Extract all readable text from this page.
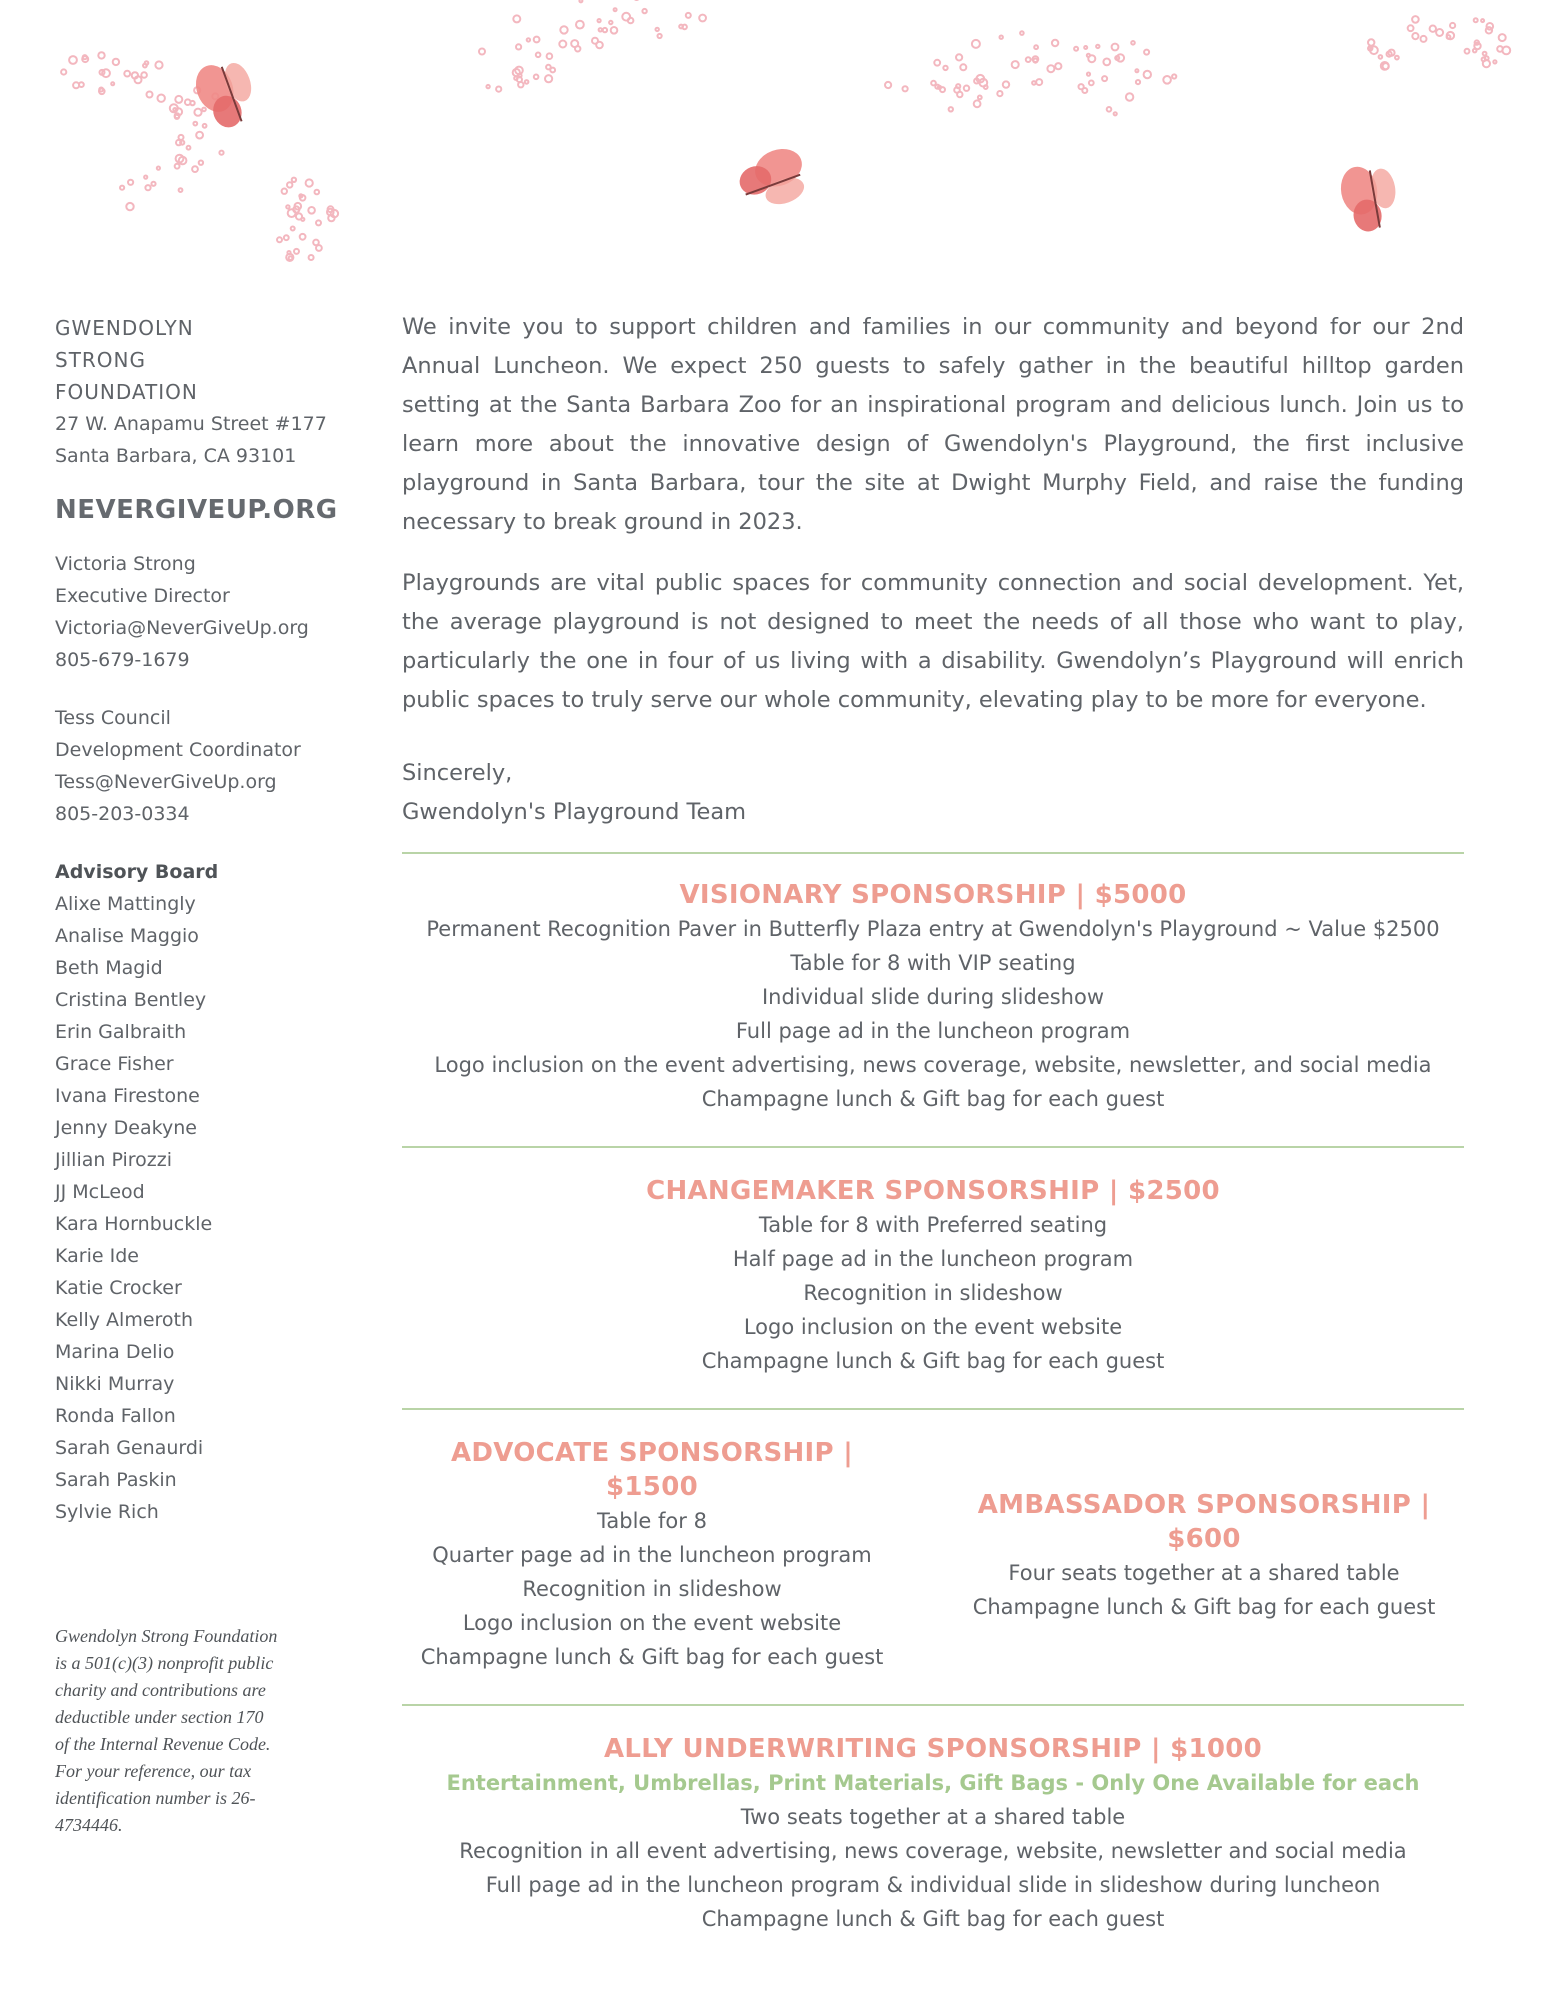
GWENDOLYN
STRONG
FOUNDATION
27 W. Anapamu Street #177
Santa Barbara, CA 93101
NEVERGIVEUP.ORG
Victoria Strong
Executive Director
Victoria@NeverGiveUp.org
805-679-1679
Tess Council
Development Coordinator
Tess@NeverGiveUp.org
805-203-0334
Advisory Board
Alixe Mattingly
Analise Maggio
Beth Magid
Cristina Bentley
Erin Galbraith
Grace Fisher
Ivana Firestone
Jenny Deakyne
Jillian Pirozzi
JJ McLeod
Kara Hornbuckle
Karie Ide
Katie Crocker
Kelly Almeroth
Marina Delio
Nikki Murray
Ronda Fallon
Sarah Genaurdi
Sarah Paskin
Sylvie Rich
Gwendolyn Strong Foundation is a 501(c)(3) nonprofit public charity and contributions are deductible under section 170 of the Internal Revenue Code. For your reference, our tax identification number is 26-4734446.

We invite you to support children and families in our community and beyond for our 2nd Annual Luncheon. We expect 250 guests to safely gather in the beautiful hilltop garden setting at the Santa Barbara Zoo for an inspirational program and delicious lunch. Join us to learn more about the innovative design of Gwendolyn's Playground, the first inclusive playground in Santa Barbara, tour the site at Dwight Murphy Field, and raise the funding necessary to break ground in 2023.

Playgrounds are vital public spaces for community connection and social development. Yet, the average playground is not designed to meet the needs of all those who want to play, particularly the one in four of us living with a disability. Gwendolyn’s Playground will enrich public spaces to truly serve our whole community, elevating play to be more for everyone.

Sincerely,
Gwendolyn's Playground Team
VISIONARY SPONSORSHIP | $5000
Permanent Recognition Paver in Butterfly Plaza entry at Gwendolyn's Playground ~ Value $2500
Table for 8 with VIP seating
Individual slide during slideshow
Full page ad in the luncheon program
Logo inclusion on the event advertising, news coverage, website, newsletter, and social media
Champagne lunch & Gift bag for each guest
CHANGEMAKER SPONSORSHIP | $2500
Table for 8 with Preferred seating
Half page ad in the luncheon program
Recognition in slideshow
Logo inclusion on the event website
Champagne lunch & Gift bag for each guest
ADVOCATE SPONSORSHIP | $1500
Table for 8
Quarter page ad in the luncheon program
Recognition in slideshow
Logo inclusion on the event website
Champagne lunch & Gift bag for each guest
AMBASSADOR SPONSORSHIP | $600
Four seats together at a shared table
Champagne lunch & Gift bag for each guest
ALLY UNDERWRITING SPONSORSHIP | $1000
Entertainment, Umbrellas, Print Materials, Gift Bags - Only One Available for each
Two seats together at a shared table
Recognition in all event advertising, news coverage, website, newsletter and social media
Full page ad in the luncheon program & individual slide in slideshow during luncheon
Champagne lunch & Gift bag for each guest
